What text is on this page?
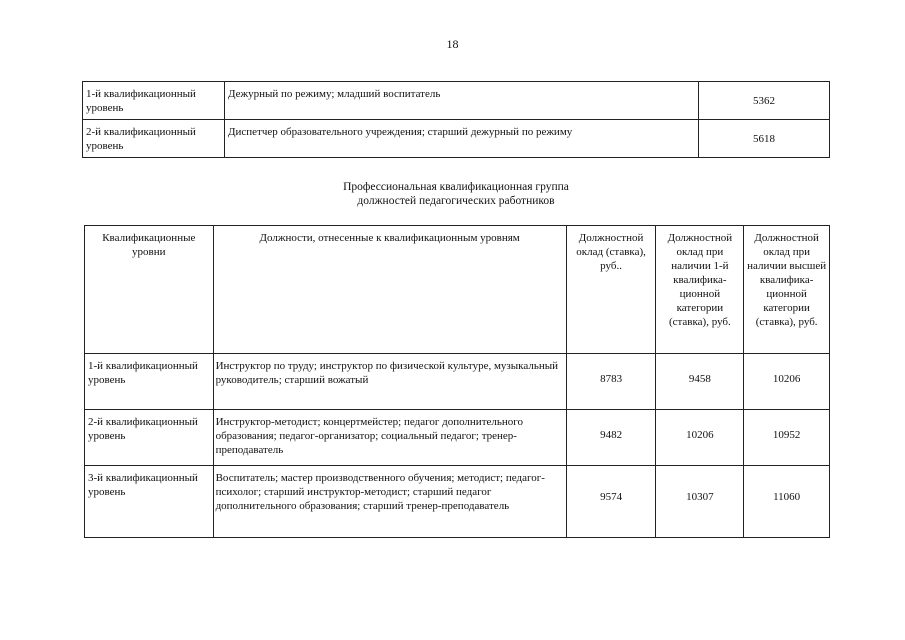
18
1-й квалификационный уровень	Дежурный по режиму; младший воспитатель	5362
2-й квалификационный уровень	Диспетчер образовательного учреждения; старший дежурный по режиму	5618
Профессиональная квалификационная группа
должностей педагогических работников
Квалификационные уровни	Должности, отнесенные к квалификационным уровням	Должностной оклад (ставка), руб..	Должностной оклад при наличии 1-й квалифика-ционной категории (ставка), руб.	Должностной оклад при наличии высшей квалифика-ционной категории (ставка), руб.
1-й квалификационный уровень	Инструктор по труду; инструктор по физической культуре, музыкальный руководитель; старший вожатый	8783	9458	10206
2-й квалификационный уровень	Инструктор-методист; концертмейстер; педагог дополнительного образования; педагог-организатор; социальный педагог; тренер-преподаватель	9482	10206	10952
3-й квалификационный уровень	Воспитатель; мастер производственного обучения; методист; педагог-психолог; старший инструктор-методист; старший педагог дополнительного образования; старший тренер-преподаватель	9574	10307	11060
